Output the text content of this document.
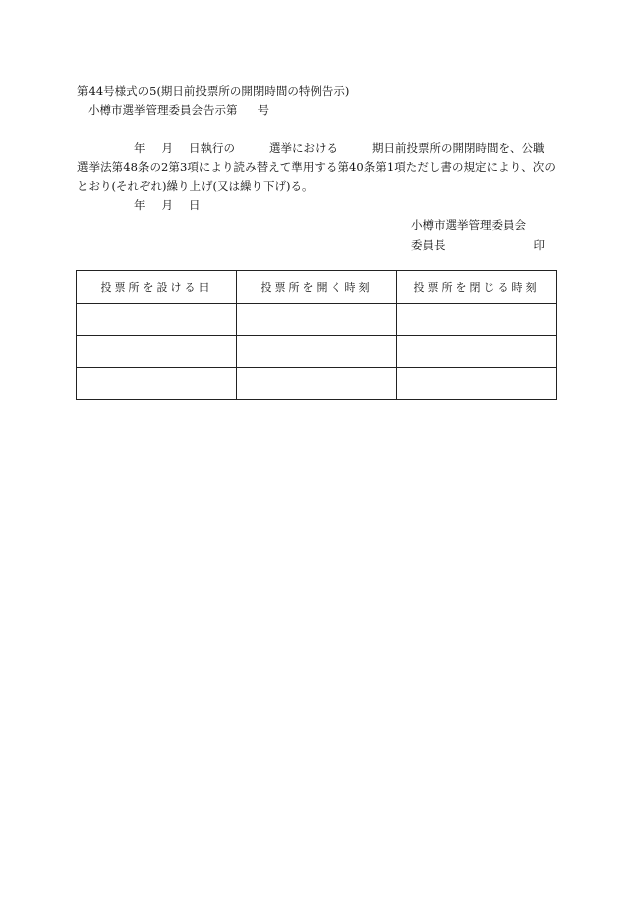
第44号様式の5(期日前投票所の開閉時間の特例告示)
小樽市選挙管理委員会告示第 号
年 月 日執行の	選挙における	期日前投票所の開閉時間を、公職
選挙法第48条の2第3項により読み替えて準用する第40条第1項ただし書の規定により、次の
とおり(それぞれ)繰り上げ(又は繰り下げ)る。
年 月 日
小樽市選挙管理委員会
委員長	印
投票所を設ける日	投票所を開く時刻	投票所を閉じる時刻
